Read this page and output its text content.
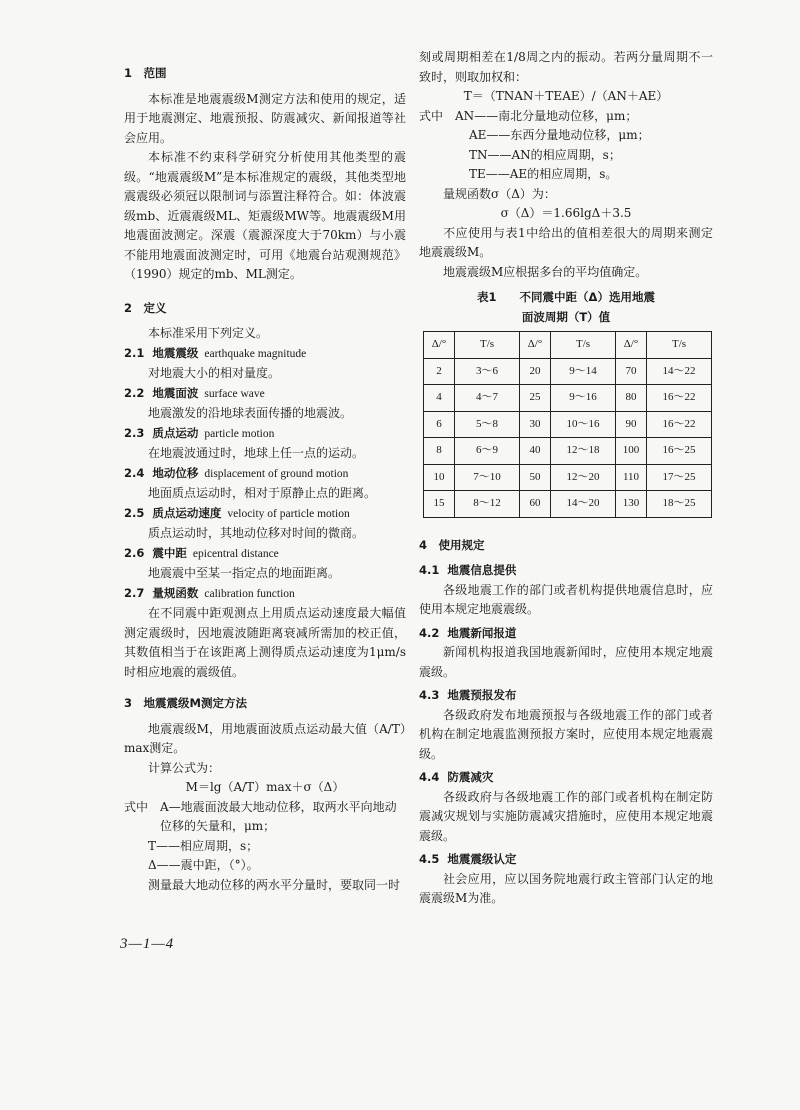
1　范围
本标准是地震震级M测定方法和使用的规定，适用于地震测定、地震预报、防震减灾、新闻报道等社会应用。
本标准不约束科学研究分析使用其他类型的震级。“地震震级M”是本标准规定的震级，其他类型地震震级必须冠以限制词与添置注释符合。如：体波震级mb、近震震级ML、矩震级MW等。地震震级M用地震面波测定。深震（震源深度大于70km）与小震不能用地震面波测定时，可用《地震台站观测规范》（1990）规定的mb、ML测定。
2　定义
本标准采用下列定义。
2.1 地震震级 earthquake magnitude
对地震大小的相对量度。
2.2 地震面波 surface wave
地震激发的沿地球表面传播的地震波。
2.3 质点运动 particle motion
在地震波通过时，地球上任一点的运动。
2.4 地动位移 displacement of ground motion
地面质点运动时，相对于原静止点的距离。
2.5 质点运动速度 velocity of particle motion
质点运动时，其地动位移对时间的微商。
2.6 震中距 epicentral distance
地震震中至某一指定点的地面距离。
2.7 量规函数 calibration function
在不同震中距观测点上用质点运动速度最大幅值测定震级时，因地震波随距离衰减所需加的校正值，其数值相当于在该距离上测得质点运动速度为1μm/s时相应地震的震级值。
3　地震震级M测定方法
地震震级M，用地震面波质点运动最大值（A/T）max测定。
计算公式为：
M＝lg（A/T）max＋σ（Δ）
式中　A—地震面波最大地动位移，取两水平向地动位移的矢量和，μm；
T——相应周期，s；
Δ——震中距，（°）。
测量最大地动位移的两水平分量时，要取同一时
刻或周期相差在1/8周之内的振动。若两分量周期不一致时，则取加权和：
T＝（TNAN＋TEAE）/（AN＋AE）
式中　AN——南北分量地动位移，μm；
AE——东西分量地动位移，μm；
TN——AN的相应周期，s；
TE——AE的相应周期，s。
量规函数σ（Δ）为：
σ（Δ）＝1.66lgΔ＋3.5
不应使用与表1中给出的值相差很大的周期来测定地震震级M。
地震震级M应根据多台的平均值确定。
表1　　不同震中距（Δ）选用地震
面波周期（T）值
Δ/°	T/s	Δ/°	T/s	Δ/°	T/s
2	3～6	20	9～14	70	14～22
4	4～7	25	9～16	80	16～22
6	5～8	30	10～16	90	16～22
8	6～9	40	12～18	100	16～25
10	7～10	50	12～20	110	17～25
15	8～12	60	14～20	130	18～25
4　使用规定
4.1 地震信息提供
各级地震工作的部门或者机构提供地震信息时，应使用本规定地震震级。
4.2 地震新闻报道
新闻机构报道我国地震新闻时，应使用本规定地震震级。
4.3 地震预报发布
各级政府发布地震预报与各级地震工作的部门或者机构在制定地震监测预报方案时，应使用本规定地震震级。
4.4 防震减灾
各级政府与各级地震工作的部门或者机构在制定防震减灾规划与实施防震减灾措施时，应使用本规定地震震级。
4.5 地震震级认定
社会应用，应以国务院地震行政主管部门认定的地震震级M为准。
3—1—4
